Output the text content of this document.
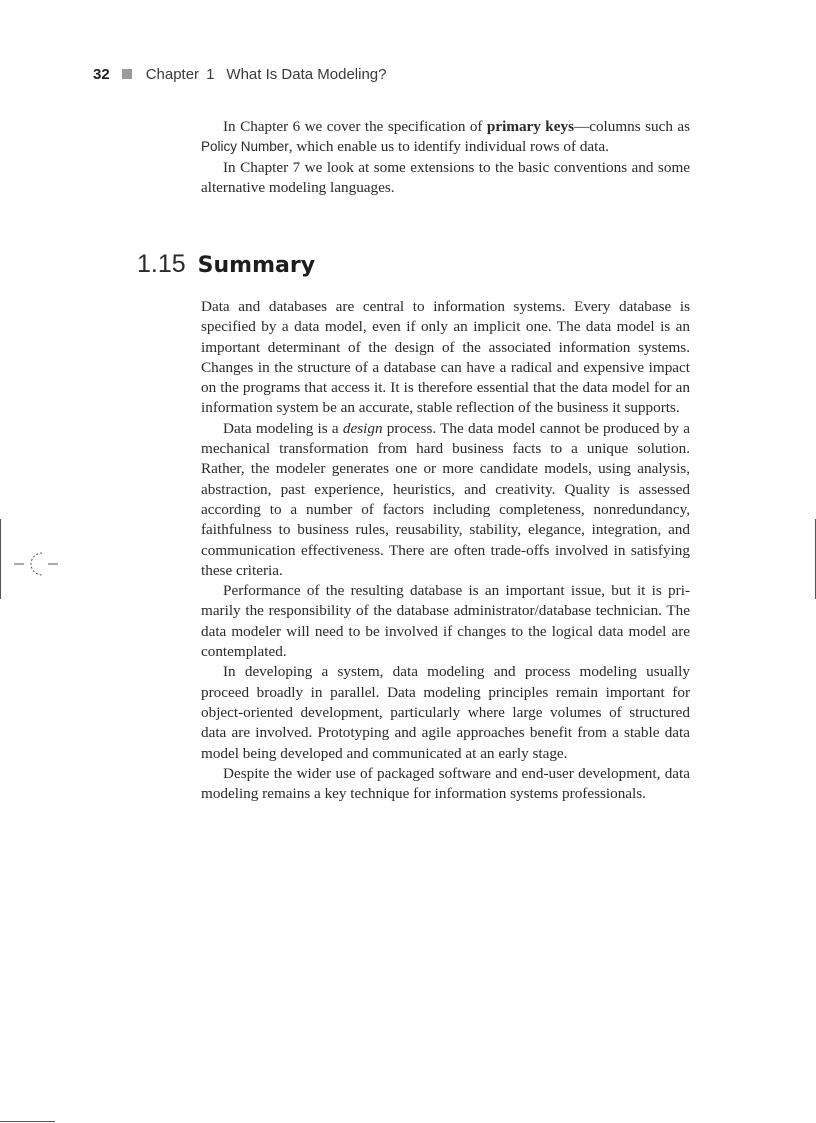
32 Chapter 1 What Is Data Modeling?

In Chapter 6 we cover the specification of primary keys—columns such as Policy Number, which enable us to identify individual rows of data.

In Chapter 7 we look at some extensions to the basic conventions and some alternative modeling languages.

1.15 Summary

Data and databases are central to information systems. Every database is specified by a data model, even if only an implicit one. The data model is an important determinant of the design of the associated information systems. Changes in the structure of a database can have a radical and expensive impact on the programs that access it. It is therefore essential that the data model for an information system be an accurate, stable reflection of the business it supports.

Data modeling is a design process. The data model cannot be produced by a mechanical transformation from hard business facts to a unique solution. Rather, the modeler generates one or more candidate models, using analysis, abstraction, past experience, heuristics, and creativity. Quality is assessed according to a number of factors including completeness, nonredundancy, faithfulness to business rules, reusability, stability, elegance, integration, and communication effectiveness. There are often trade-offs involved in satisfying these criteria.

Performance of the resulting database is an important issue, but it is primarily the responsibility of the database administrator/database technician. The data modeler will need to be involved if changes to the logical data model are contemplated.

In developing a system, data modeling and process modeling usually proceed broadly in parallel. Data modeling principles remain important for object-oriented development, particularly where large volumes of structured data are involved. Prototyping and agile approaches benefit from a stable data model being developed and communicated at an early stage.

Despite the wider use of packaged software and end-user development, data modeling remains a key technique for information systems professionals.
